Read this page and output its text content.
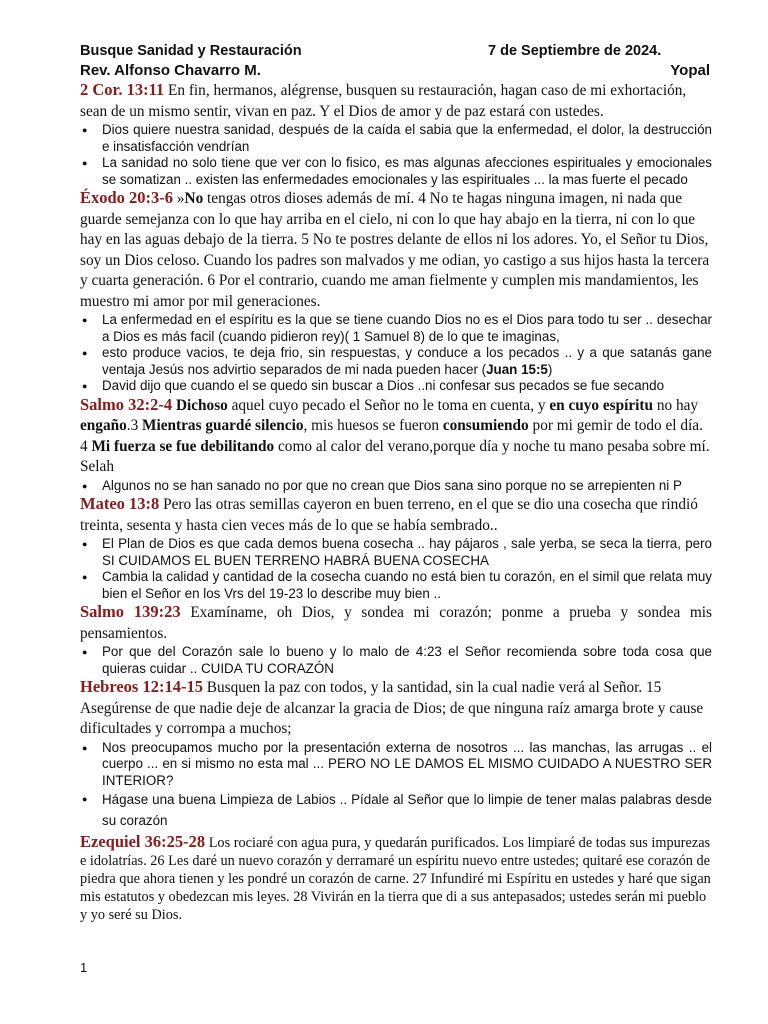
Busque Sanidad y Restauración	7 de Septiembre de 2024.
Rev. Alfonso Chavarro M.	Yopal
2 Cor. 13:11 En fin, hermanos, alégrense, busquen su restauración, hagan caso de mi exhortación, sean de un mismo sentir, vivan en paz. Y el Dios de amor y de paz estará con ustedes.
● Dios quiere nuestra sanidad, después de la caída el sabia que la enfermedad, el dolor, la destrucción e insatisfacción vendrían
● La sanidad no solo tiene que ver con lo fisico, es mas algunas afecciones espirituales y emocionales se somatizan .. existen las enfermedades emocionales y las espirituales ... la mas fuerte el pecado
Éxodo 20:3-6 »No tengas otros dioses además de mí. 4 No te hagas ninguna imagen, ni nada que guarde semejanza con lo que hay arriba en el cielo, ni con lo que hay abajo en la tierra, ni con lo que hay en las aguas debajo de la tierra. 5 No te postres delante de ellos ni los adores. Yo, el Señor tu Dios, soy un Dios celoso. Cuando los padres son malvados y me odian, yo castigo a sus hijos hasta la tercera y cuarta generación. 6 Por el contrario, cuando me aman fielmente y cumplen mis mandamientos, les muestro mi amor por mil generaciones.
● La enfermedad en el espíritu es la que se tiene cuando Dios no es el Dios para todo tu ser .. desechar a Dios es más facil (cuando pidieron rey)( 1 Samuel 8) de lo que te imaginas,
● esto produce vacios, te deja frio, sin respuestas, y conduce a los pecados .. y a que satanás gane ventaja Jesús nos advirtio separados de mi nada pueden hacer (Juan 15:5)
● David dijo que cuando el se quedo sin buscar a Dios ..ni confesar sus pecados se fue secando
Salmo 32:2-4 Dichoso aquel cuyo pecado el Señor no le toma en cuenta, y en cuyo espíritu no hay engaño.3 Mientras guardé silencio, mis huesos se fueron consumiendo por mi gemir de todo el día. 4 Mi fuerza se fue debilitando como al calor del verano,porque día y noche tu mano pesaba sobre mí. Selah
● Algunos no se han sanado no por que no crean que Dios sana sino porque no se arrepienten ni P
Mateo 13:8 Pero las otras semillas cayeron en buen terreno, en el que se dio una cosecha que rindió treinta, sesenta y hasta cien veces más de lo que se había sembrado..
● El Plan de Dios es que cada demos buena cosecha .. hay pájaros , sale yerba, se seca la tierra, pero SI CUIDAMOS EL BUEN TERRENO HABRÁ BUENA COSECHA
● Cambia la calidad y cantidad de la cosecha cuando no está bien tu corazón, en el simil que relata muy bien el Señor en los Vrs del 19-23 lo describe muy bien ..
Salmo 139:23 Examíname, oh Dios, y sondea mi corazón; ponme a prueba y sondea mis pensamientos.
● Por que del Corazón sale lo bueno y lo malo de 4:23 el Señor recomienda sobre toda cosa que quieras cuidar .. CUIDA TU CORAZÓN
Hebreos 12:14-15 Busquen la paz con todos, y la santidad, sin la cual nadie verá al Señor. 15 Asegúrense de que nadie deje de alcanzar la gracia de Dios; de que ninguna raíz amarga brote y cause dificultades y corrompa a muchos;
● Nos preocupamos mucho por la presentación externa de nosotros ... las manchas, las arrugas .. el cuerpo ... en si mismo no esta mal ... PERO NO LE DAMOS EL MISMO CUIDADO A NUESTRO SER INTERIOR?
● Hágase una buena Limpieza de Labios .. Pídale al Señor que lo limpie de tener malas palabras desde su corazón
Ezequiel 36:25-28 Los rociaré con agua pura, y quedarán purificados. Los limpiaré de todas sus impurezas e idolatrías. 26 Les daré un nuevo corazón y derramaré un espíritu nuevo entre ustedes; quitaré ese corazón de piedra que ahora tienen y les pondré un corazón de carne. 27 Infundiré mi Espíritu en ustedes y haré que sigan mis estatutos y obedezcan mis leyes. 28 Vivirán en la tierra que di a sus antepasados; ustedes serán mi pueblo y yo seré su Dios.
1
